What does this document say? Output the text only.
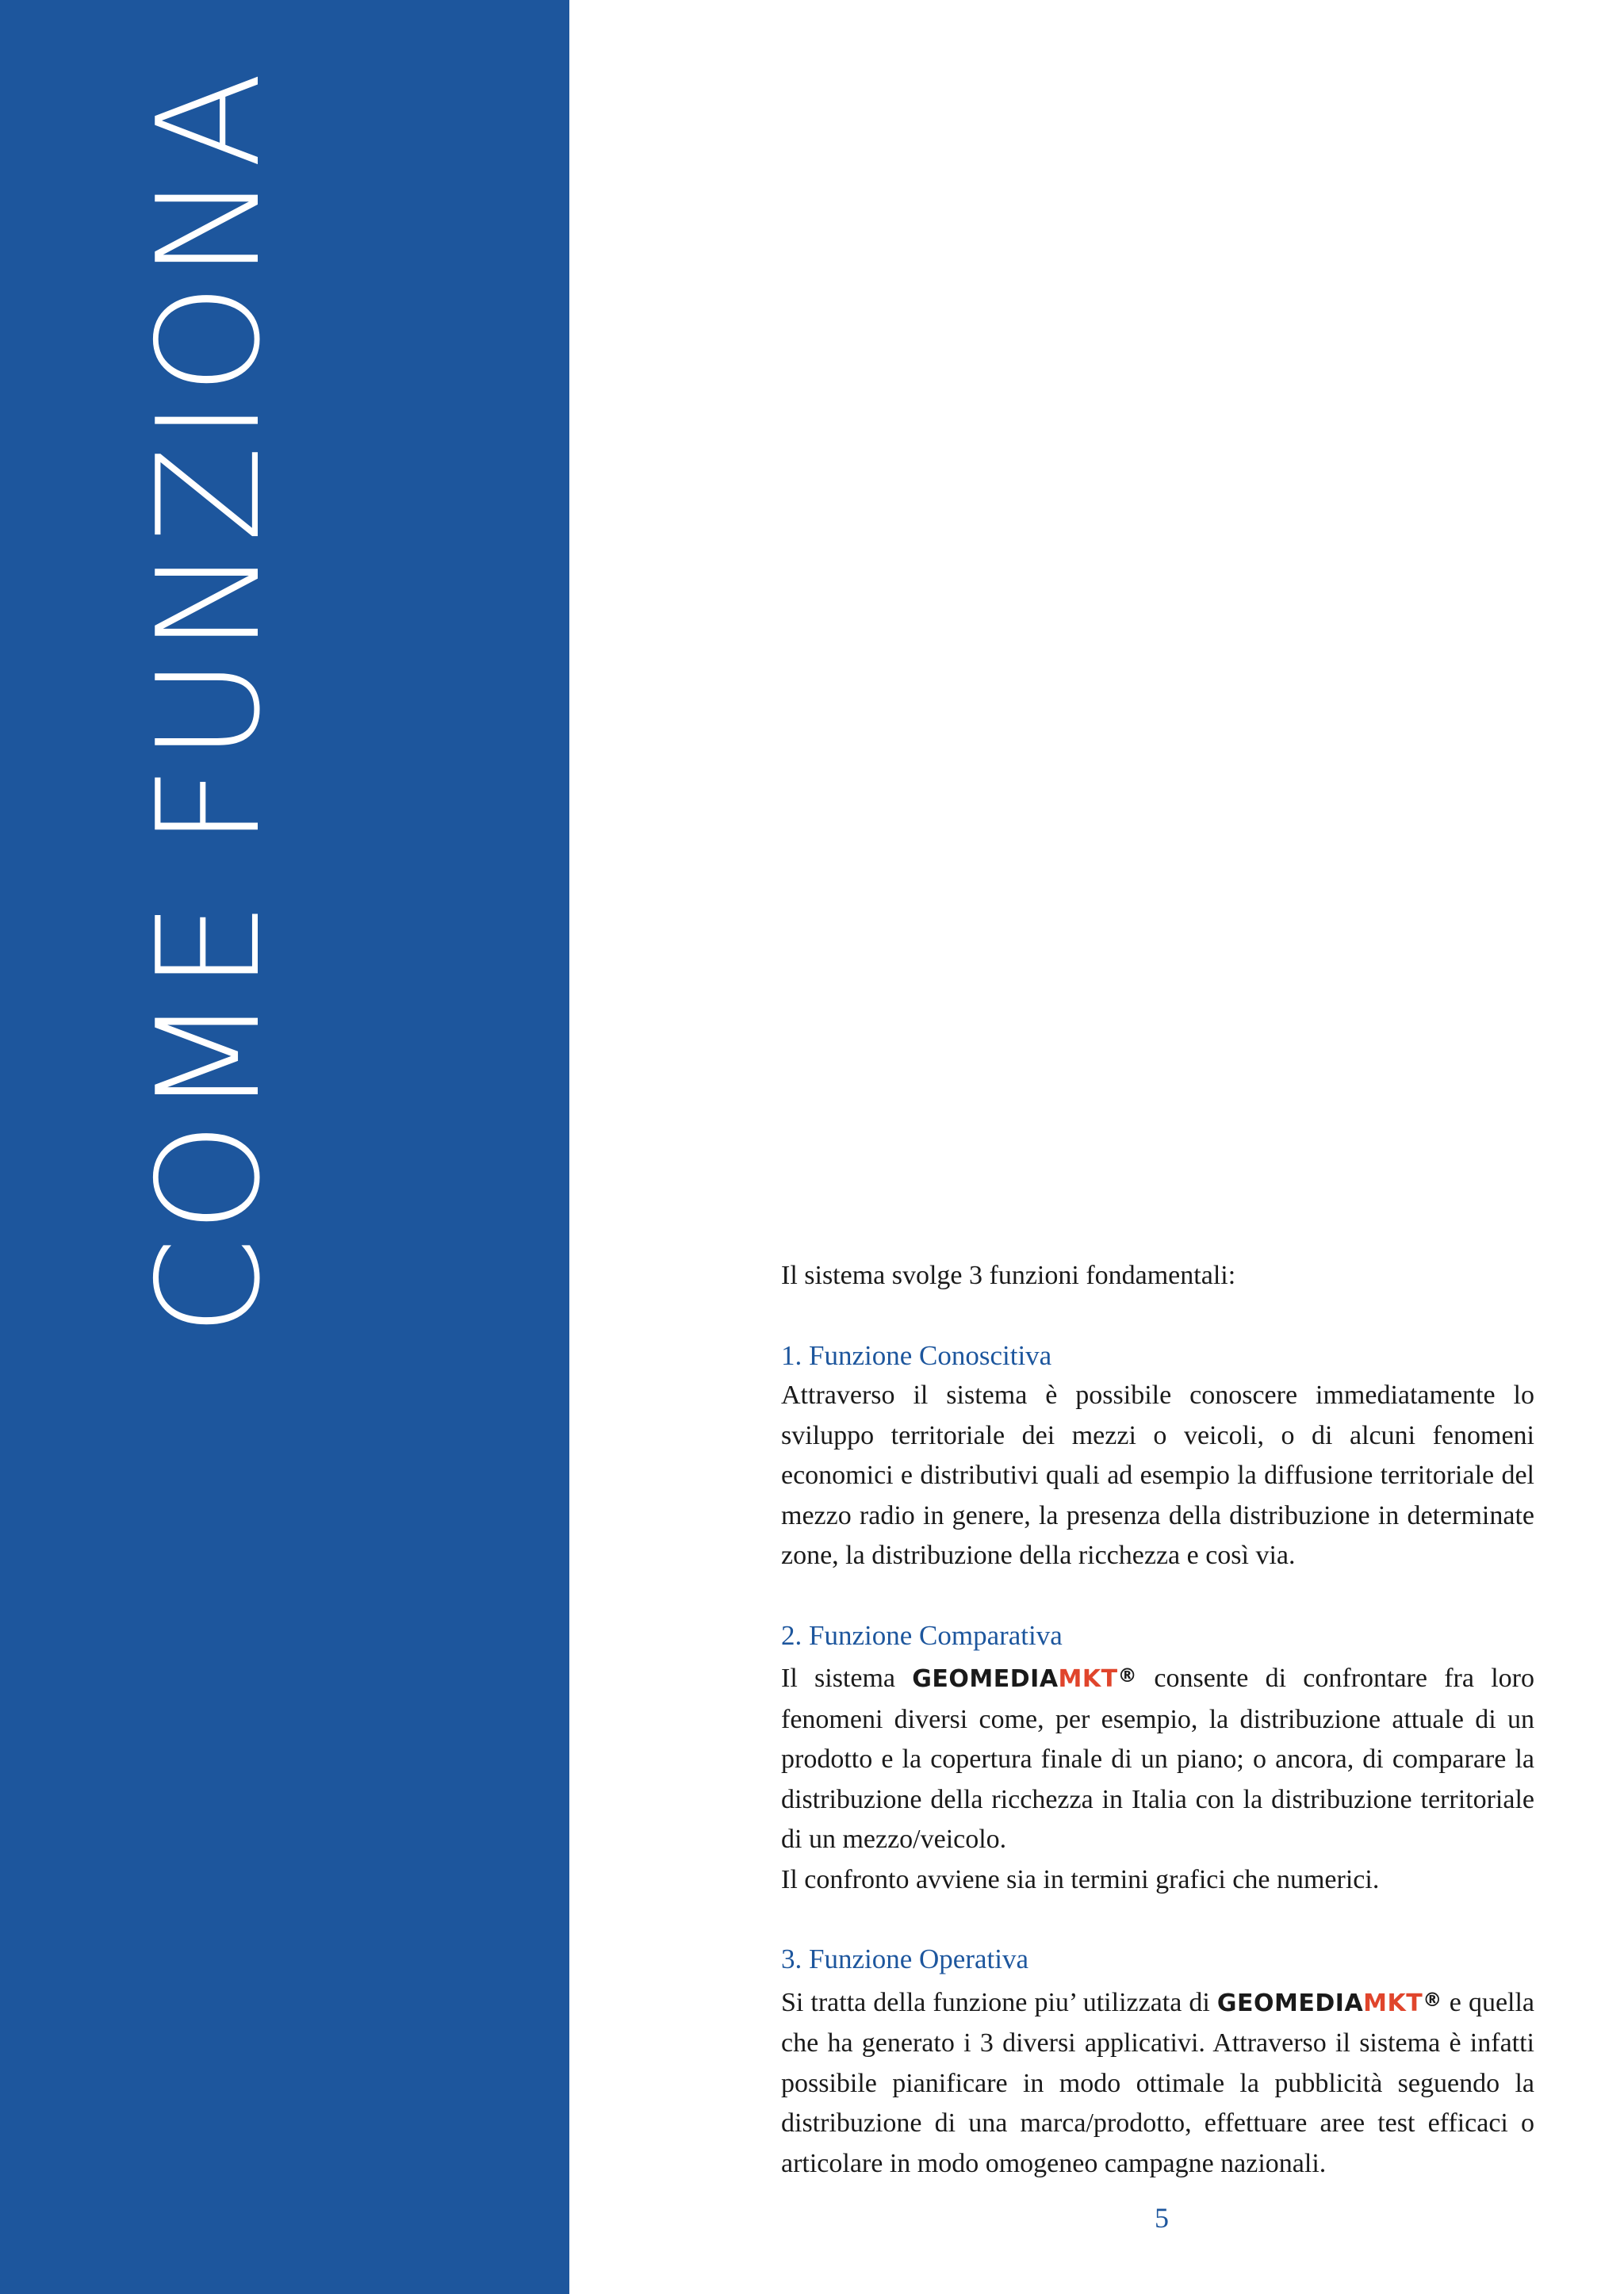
COME FUNZIONA	Il sistema svolge 3 funzioni fondamentali:

1. Funzione Conoscitiva

Attraverso il sistema è possibile conoscere immediatamente lo sviluppo territoriale dei mezzi o veicoli, o di alcuni fenomeni economici e distributivi quali ad esempio la diffusione territoriale del mezzo radio in genere, la presenza della distribuzione in determinate zone, la distribuzione della ricchezza e così via.

2. Funzione Comparativa

Il sistema GEOMEDIAMKT® consente di confrontare fra loro fenomeni diversi come, per esempio, la distribuzione attuale di un prodotto e la copertura finale di un piano; o ancora, di comparare la distribuzione della ricchezza in Italia con la distribuzione territoriale di un mezzo/veicolo.

Il confronto avviene sia in termini grafici che numerici.

3. Funzione Operativa

Si tratta della funzione piu’ utilizzata di GEOMEDIAMKT® e quella che ha generato i 3 diversi applicativi. Attraverso il sistema è infatti possibile pianificare in modo ottimale la pubblicità seguendo la distribuzione di una marca/prodotto, effettuare aree test efficaci o articolare in modo omogeneo campagne nazionali.

5
